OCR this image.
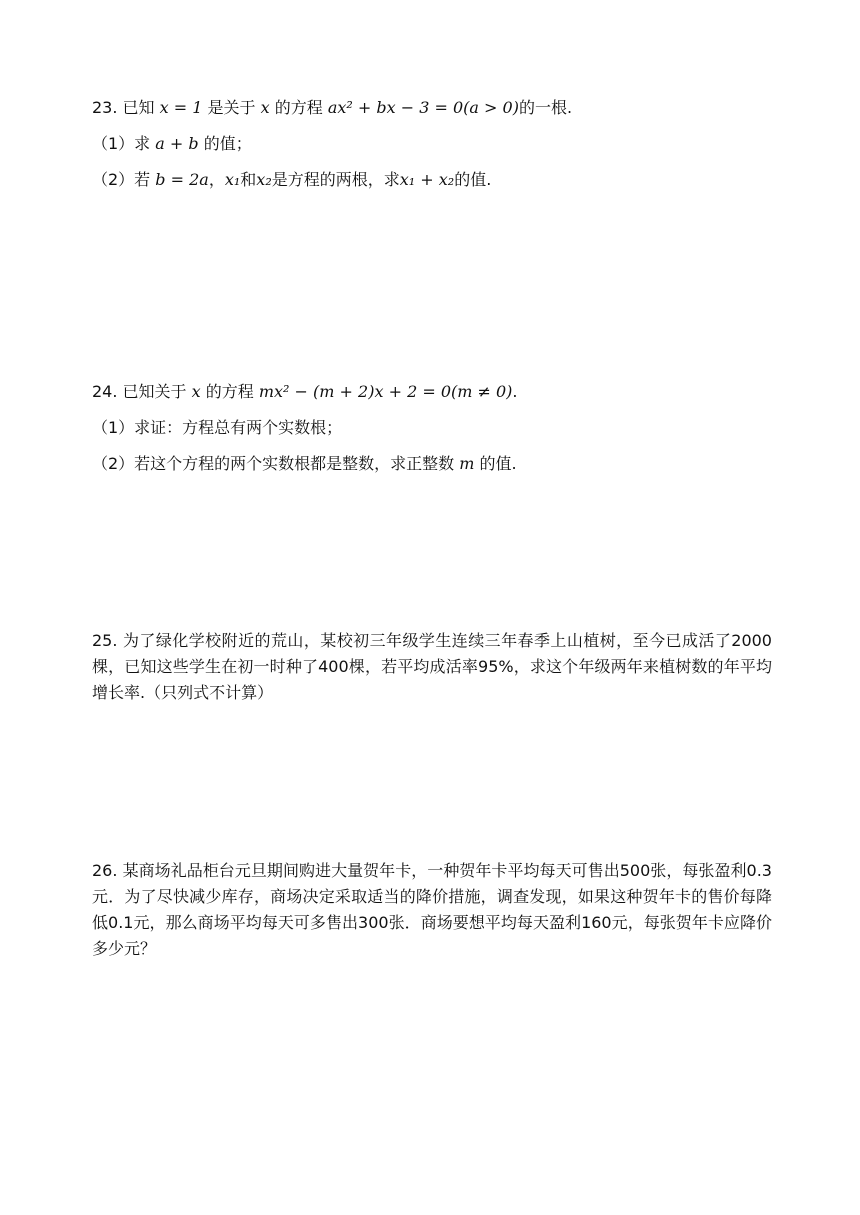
23. 已知 x = 1 是关于 x 的方程 ax² + bx − 3 = 0(a > 0)的一根.
（1）求 a + b 的值；
（2）若 b = 2a，x₁和x₂是方程的两根，求x₁ + x₂的值.
24. 已知关于 x 的方程 mx² − (m + 2)x + 2 = 0(m ≠ 0).
（1）求证：方程总有两个实数根；
（2）若这个方程的两个实数根都是整数，求正整数 m 的值.
25. 为了绿化学校附近的荒山，某校初三年级学生连续三年春季上山植树，至今已成活了2000棵，已知这些学生在初一时种了400棵，若平均成活率95%，求这个年级两年来植树数的年平均增长率.（只列式不计算）
26. 某商场礼品柜台元旦期间购进大量贺年卡，一种贺年卡平均每天可售出500张，每张盈利0.3元．为了尽快减少库存，商场决定采取适当的降价措施，调查发现，如果这种贺年卡的售价每降低0.1元，那么商场平均每天可多售出300张．商场要想平均每天盈利160元，每张贺年卡应降价多少元？
